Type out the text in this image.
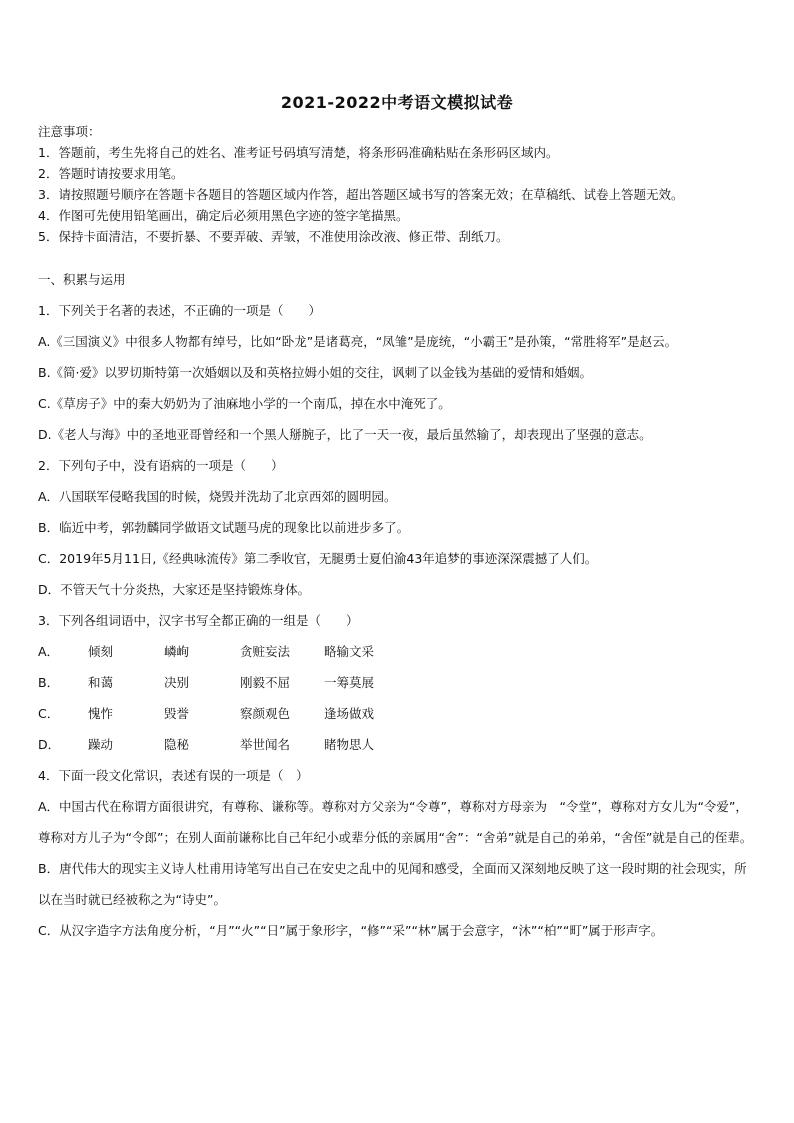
2021-2022中考语文模拟试卷
注意事项：
1．答题前，考生先将自己的姓名、准考证号码填写清楚，将条形码准确粘贴在条形码区域内。
2．答题时请按要求用笔。
3．请按照题号顺序在答题卡各题目的答题区域内作答，超出答题区域书写的答案无效；在草稿纸、试卷上答题无效。
4．作图可先使用铅笔画出，确定后必须用黑色字迹的签字笔描黑。
5．保持卡面清洁，不要折暴、不要弄破、弄皱，不准使用涂改液、修正带、刮纸刀。
一、积累与运用
1．下列关于名著的表述，不正确的一项是（　　）
A.《三国演义》中很多人物都有绰号，比如“卧龙”是诸葛亮，“凤雏”是庞统，“小霸王”是孙策，“常胜将军”是赵云。
B.《简·爱》以罗切斯特第一次婚姻以及和英格拉姆小姐的交往，讽刺了以金钱为基础的爱情和婚姻。
C.《草房子》中的秦大奶奶为了油麻地小学的一个南瓜，掉在水中淹死了。
D.《老人与海》中的圣地亚哥曾经和一个黑人掰腕子，比了一天一夜，最后虽然输了，却表现出了坚强的意志。
2．下列句子中，没有语病的一项是（　　）
A．八国联军侵略我国的时候，烧毁并洗劫了北京西郊的圆明园。
B．临近中考，郭勃麟同学做语文试题马虎的现象比以前进步多了。
C．2019年5月11日,《经典咏流传》第二季收官，无腿勇士夏伯渝43年追梦的事迹深深震撼了人们。
D．不管天气十分炎热，大家还是坚持锻炼身体。
3．下列各组词语中，汉字书写全都正确的一组是（　　）
A． 倾刻	嶙峋	贪赃妄法	略输文采
B． 和蔼	决别	刚毅不屈	一筹莫展
C． 愧怍	毁誉	察颜观色	逢场做戏
D． 躁动	隐秘	举世闻名	睹物思人
4．下面一段文化常识，表述有误的一项是（　）
A．中国古代在称谓方面很讲究，有尊称、谦称等。尊称对方父亲为“令尊”，尊称对方母亲为　“令堂”，尊称对方女儿为“令爱”，尊称对方儿子为“令郎”；在别人面前谦称比自己年纪小或辈分低的亲属用“舍”：“舍弟”就是自己的弟弟，“舍侄”就是自己的侄辈。
B．唐代伟大的现实主义诗人杜甫用诗笔写出自己在安史之乱中的见闻和感受，全面而又深刻地反映了这一段时期的社会现实，所以在当时就已经被称之为“诗史”。
C．从汉字造字方法角度分析，“月”“火”“日”属于象形字，“修”“采”“林”属于会意字，“沐”“柏”“町”属于形声字。
